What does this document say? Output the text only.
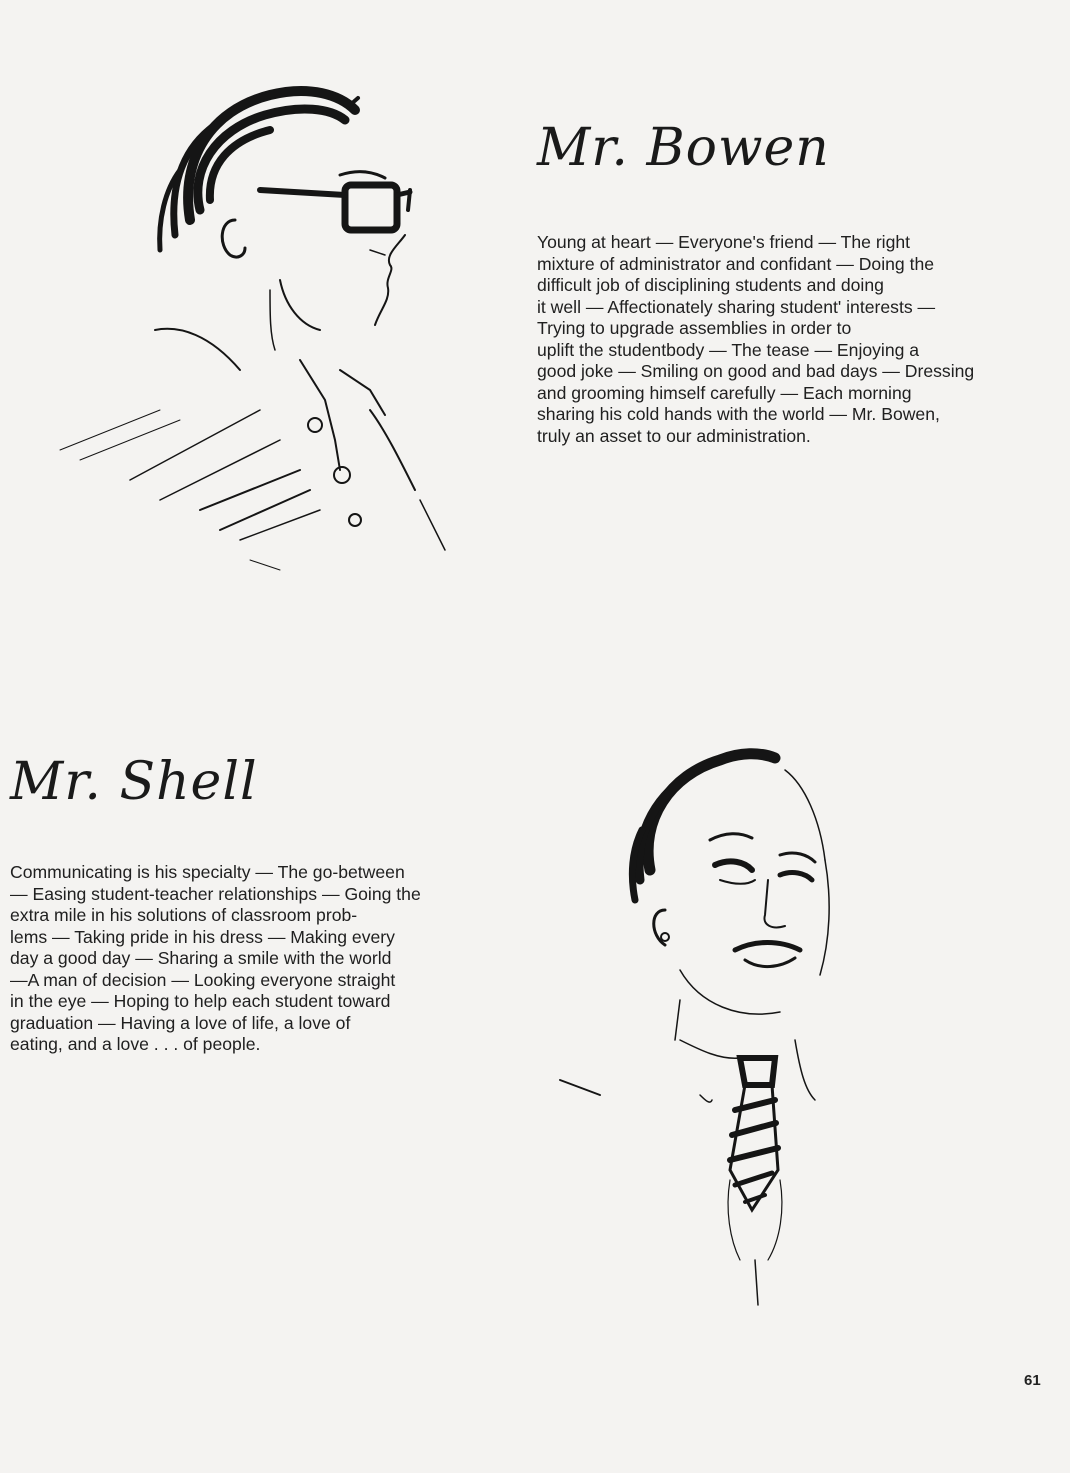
Mr. Bowen

Young at heart — Everyone's friend — The right
mixture of administrator and confidant — Doing the
difficult job of disciplining students and doing
it well — Affectionately sharing student' interests —
Trying to upgrade assemblies in order to
uplift the studentbody — The tease — Enjoying a
good joke — Smiling on good and bad days — Dressing
and grooming himself carefully — Each morning
sharing his cold hands with the world — Mr. Bowen,
truly an asset to our administration.

Mr. Shell

Communicating is his specialty — The go-between
— Easing student-teacher relationships — Going the
extra mile in his solutions of classroom prob-
lems — Taking pride in his dress — Making every
day a good day — Sharing a smile with the world
—A man of decision — Looking everyone straight
in the eye — Hoping to help each student toward
graduation — Having a love of life, a love of
eating, and a love . . . of people.

61
